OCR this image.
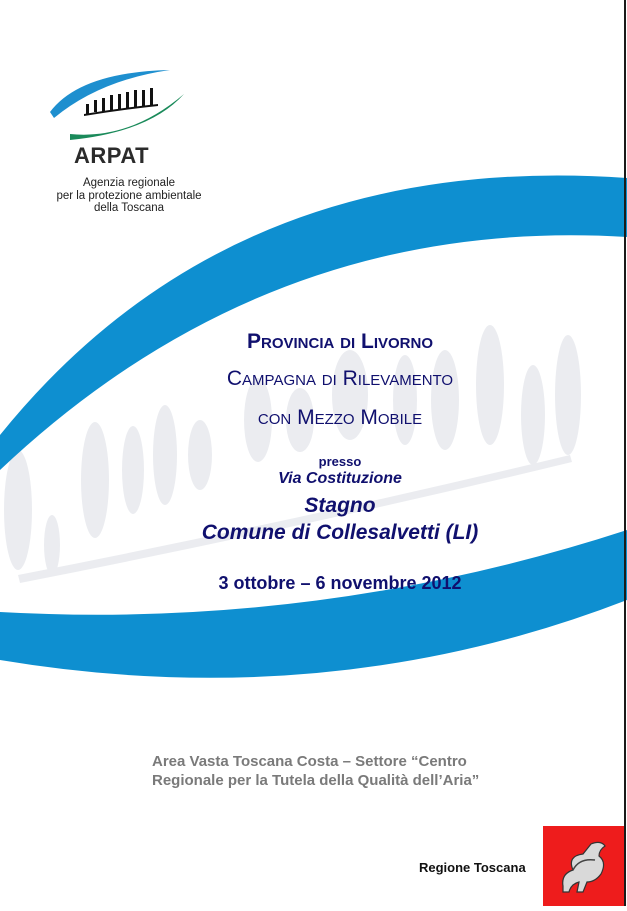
ARPAT
Agenzia regionale
per la protezione ambientale
della Toscana
Provincia di Livorno
Campagna di Rilevamento
con Mezzo Mobile
presso
Via Costituzione
Stagno
Comune di Collesalvetti (LI)
3 ottobre – 6 novembre 2012
Area Vasta Toscana Costa – Settore “Centro
Regionale per la Tutela della Qualità dell’Aria”
Regione Toscana
